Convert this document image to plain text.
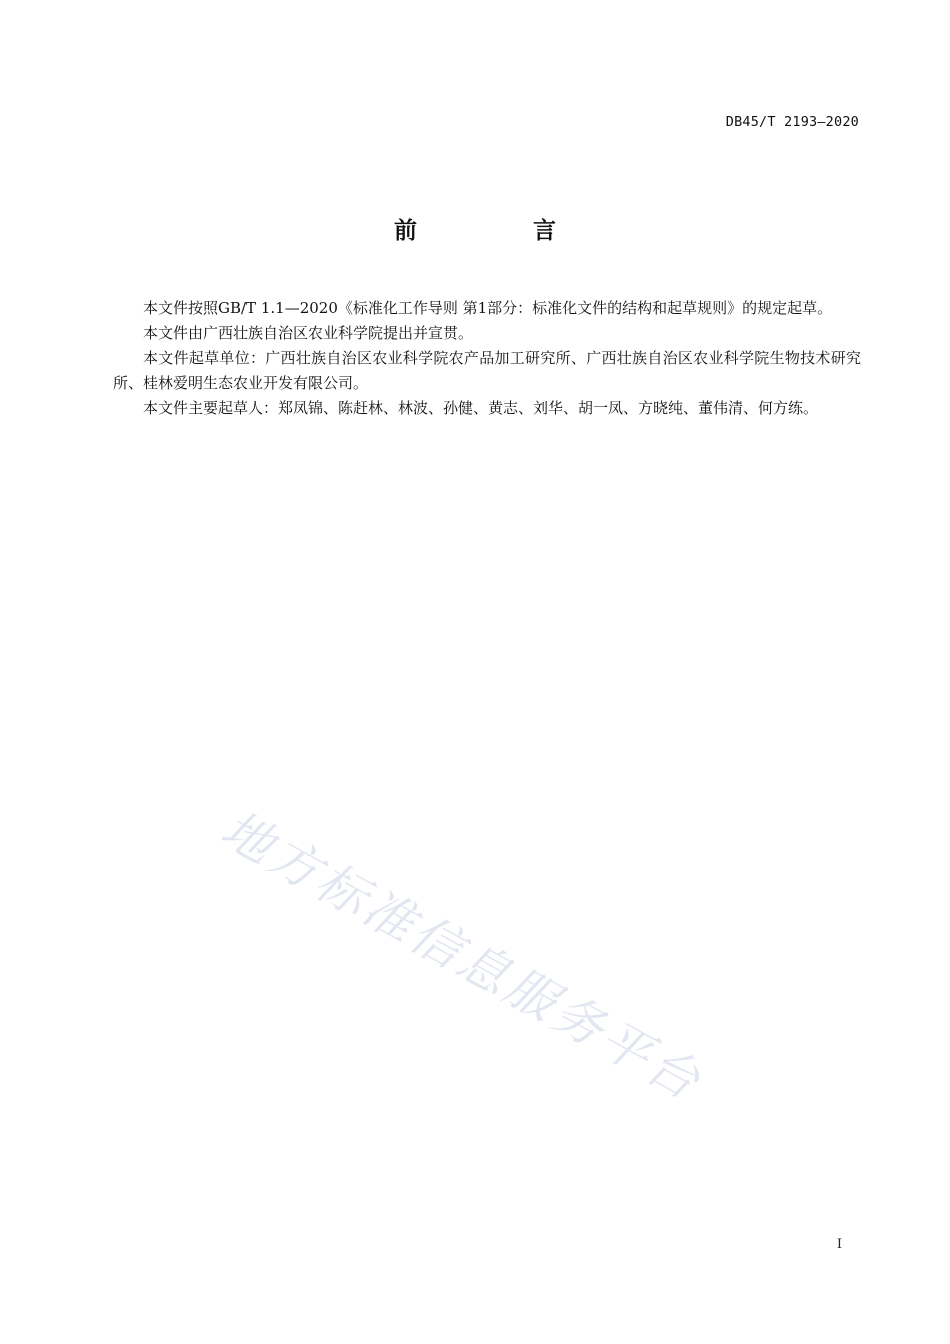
DB45/T 2193—2020
前 言

本文件按照GB/T 1.1—2020《标准化工作导则 第1部分：标准化文件的结构和起草规则》的规定起草。

本文件由广西壮族自治区农业科学院提出并宣贯。

本文件起草单位：广西壮族自治区农业科学院农产品加工研究所、广西壮族自治区农业科学院生物技术研究所、桂林爱明生态农业开发有限公司。

本文件主要起草人：郑凤锦、陈赶林、林波、孙健、黄志、刘华、胡一凤、方晓纯、董伟清、何方练。

地方标准信息服务平台
I
